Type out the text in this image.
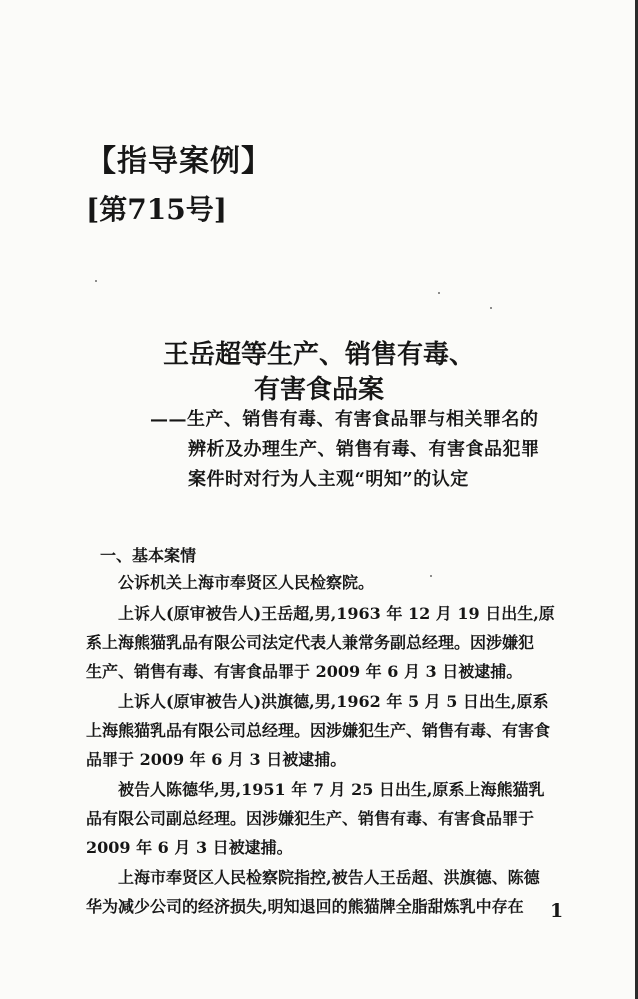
【指导案例】
[第715号]
王岳超等生产、销售有毒、
有害食品案
——生产、销售有毒、有害食品罪与相关罪名的
辨析及办理生产、销售有毒、有害食品犯罪
案件时对行为人主观“明知”的认定
一、基本案情
公诉机关上海市奉贤区人民检察院。
上诉人(原审被告人)王岳超,男,1963 年 12 月 19 日出生,原
系上海熊猫乳品有限公司法定代表人兼常务副总经理。因涉嫌犯
生产、销售有毒、有害食品罪于 2009 年 6 月 3 日被逮捕。
上诉人(原审被告人)洪旗德,男,1962 年 5 月 5 日出生,原系
上海熊猫乳品有限公司总经理。因涉嫌犯生产、销售有毒、有害食
品罪于 2009 年 6 月 3 日被逮捕。
被告人陈德华,男,1951 年 7 月 25 日出生,原系上海熊猫乳
品有限公司副总经理。因涉嫌犯生产、销售有毒、有害食品罪于
2009 年 6 月 3 日被逮捕。
上海市奉贤区人民检察院指控,被告人王岳超、洪旗德、陈德
华为减少公司的经济损失,明知退回的熊猫牌全脂甜炼乳中存在 1
